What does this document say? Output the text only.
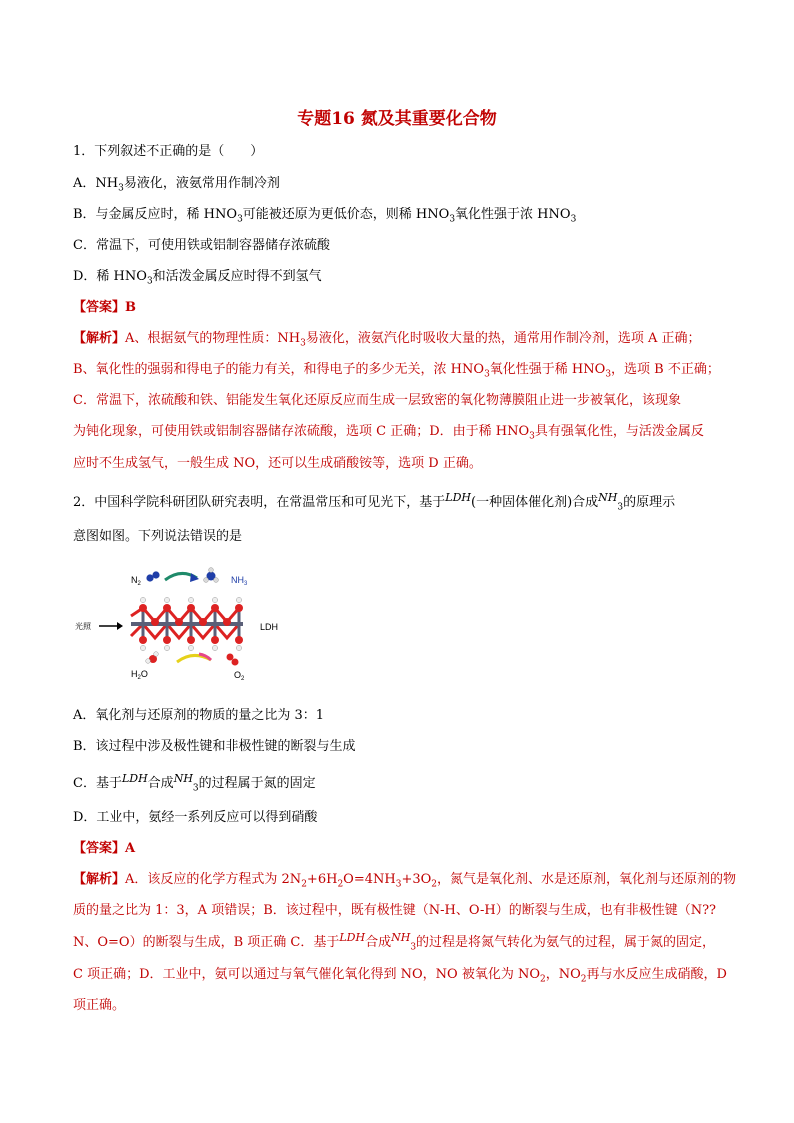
专题16 氮及其重要化合物
1．下列叙述不正确的是（　　）
A．$NH_3$易液化，液氨常用作制冷剂
B．与金属反应时，稀 $HNO_3$可能被还原为更低价态，则稀 $HNO_3$氧化性强于浓 $HNO_3$
C．常温下，可使用铁或铝制容器储存浓硫酸
D．稀 $HNO_3$和活泼金属反应时得不到氢气
【答案】B
【解析】A、根据氨气的物理性质：$NH_3$易液化，液氨汽化时吸收大量的热，通常用作制冷剂，选项 A 正确；
B、氧化性的强弱和得电子的能力有关，和得电子的多少无关，浓 $HNO_3$氧化性强于稀 $HNO_3$，选项 B 不正确；
C．常温下，浓硫酸和铁、铝能发生氧化还原反应而生成一层致密的氧化物薄膜阻止进一步被氧化，该现象
为钝化现象，可使用铁或铝制容器储存浓硫酸，选项 C 正确；D．由于稀 $HNO_3$具有强氧化性，与活泼金属反
应时不生成氢气，一般生成 NO，还可以生成硝酸铵等，选项 D 正确。
2．中国科学院科研团队研究表明，在常温常压和可见光下，基于$^{LDH}$(一种固体催化剂)合成$^{NH}_3$的原理示
意图如图。下列说法错误的是
$N_2$	$NH_3$
光照	LDH
$H_2O$	$O_2$
A．氧化剂与还原剂的物质的量之比为 3：1
B．该过程中涉及极性键和非极性键的断裂与生成
C．基于$^{LDH}$合成$^{NH}_3$的过程属于氮的固定
D．工业中，氨经一系列反应可以得到硝酸
【答案】A
【解析】A．该反应的化学方程式为 $2N_2+6H_2O=4NH_3+3O_2$，氮气是氧化剂、水是还原剂，氧化剂与还原剂的物
质的量之比为 1：3，A 项错误；B．该过程中，既有极性键（N-H、O-H）的断裂与生成，也有非极性键（N??
N、O=O）的断裂与生成，B 项正确 C．基于$^{LDH}$合成$^{NH}_3$的过程是将氮气转化为氨气的过程，属于氮的固定，
C 项正确；D．工业中，氨可以通过与氧气催化氧化得到 NO，NO 被氧化为 $NO_2$，$NO_2$再与水反应生成硝酸，D
项正确。
